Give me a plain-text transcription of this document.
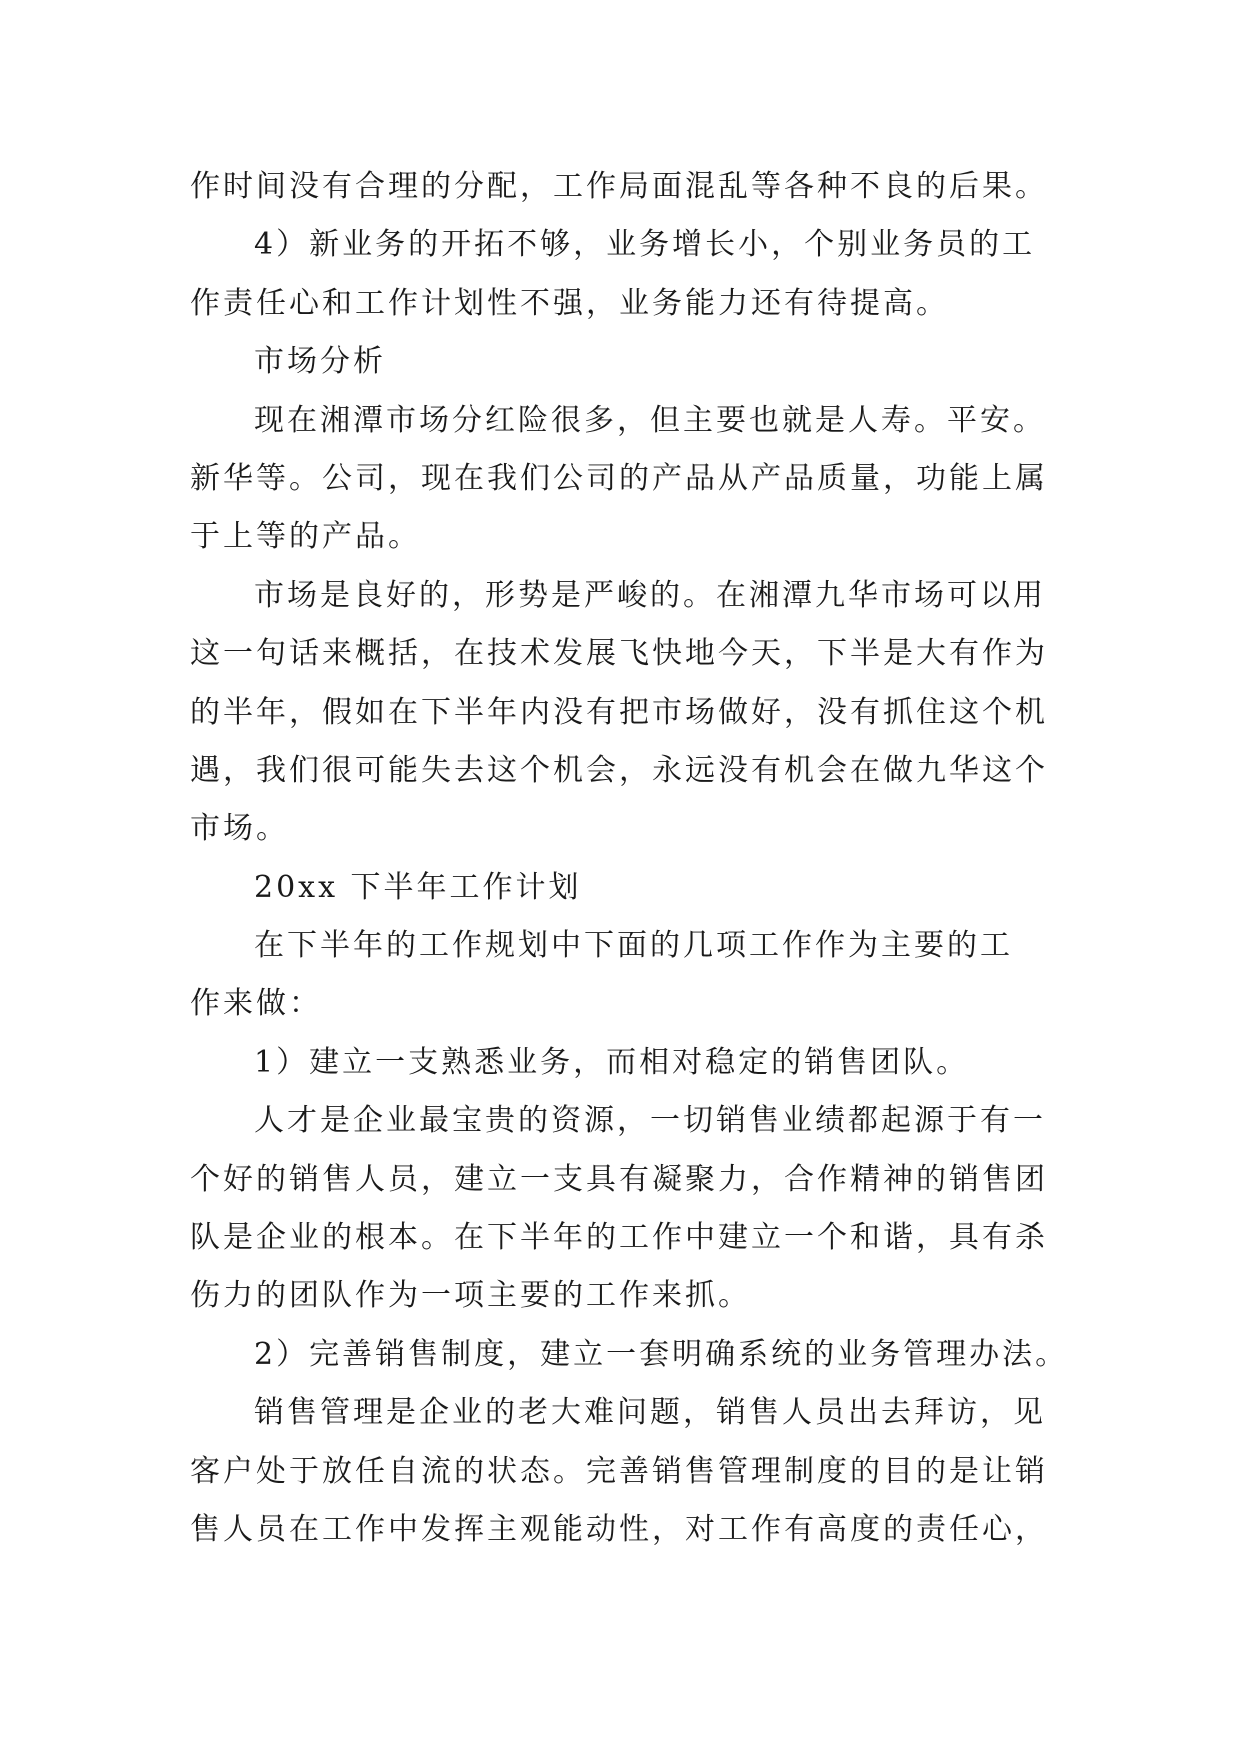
作时间没有合理的分配，工作局面混乱等各种不良的后果。
4）新业务的开拓不够，业务增长小，个别业务员的工
作责任心和工作计划性不强，业务能力还有待提高。
市场分析
现在湘潭市场分红险很多，但主要也就是人寿。平安。
新华等。公司，现在我们公司的产品从产品质量，功能上属
于上等的产品。
市场是良好的，形势是严峻的。在湘潭九华市场可以用
这一句话来概括，在技术发展飞快地今天，下半是大有作为
的半年，假如在下半年内没有把市场做好，没有抓住这个机
遇，我们很可能失去这个机会，永远没有机会在做九华这个
市场。
20xx 下半年工作计划
在下半年的工作规划中下面的几项工作作为主要的工
作来做：
1）建立一支熟悉业务，而相对稳定的销售团队。
人才是企业最宝贵的资源，一切销售业绩都起源于有一
个好的销售人员，建立一支具有凝聚力，合作精神的销售团
队是企业的根本。在下半年的工作中建立一个和谐，具有杀
伤力的团队作为一项主要的工作来抓。
2）完善销售制度，建立一套明确系统的业务管理办法。
销售管理是企业的老大难问题，销售人员出去拜访，见
客户处于放任自流的状态。完善销售管理制度的目的是让销
售人员在工作中发挥主观能动性，对工作有高度的责任心，
